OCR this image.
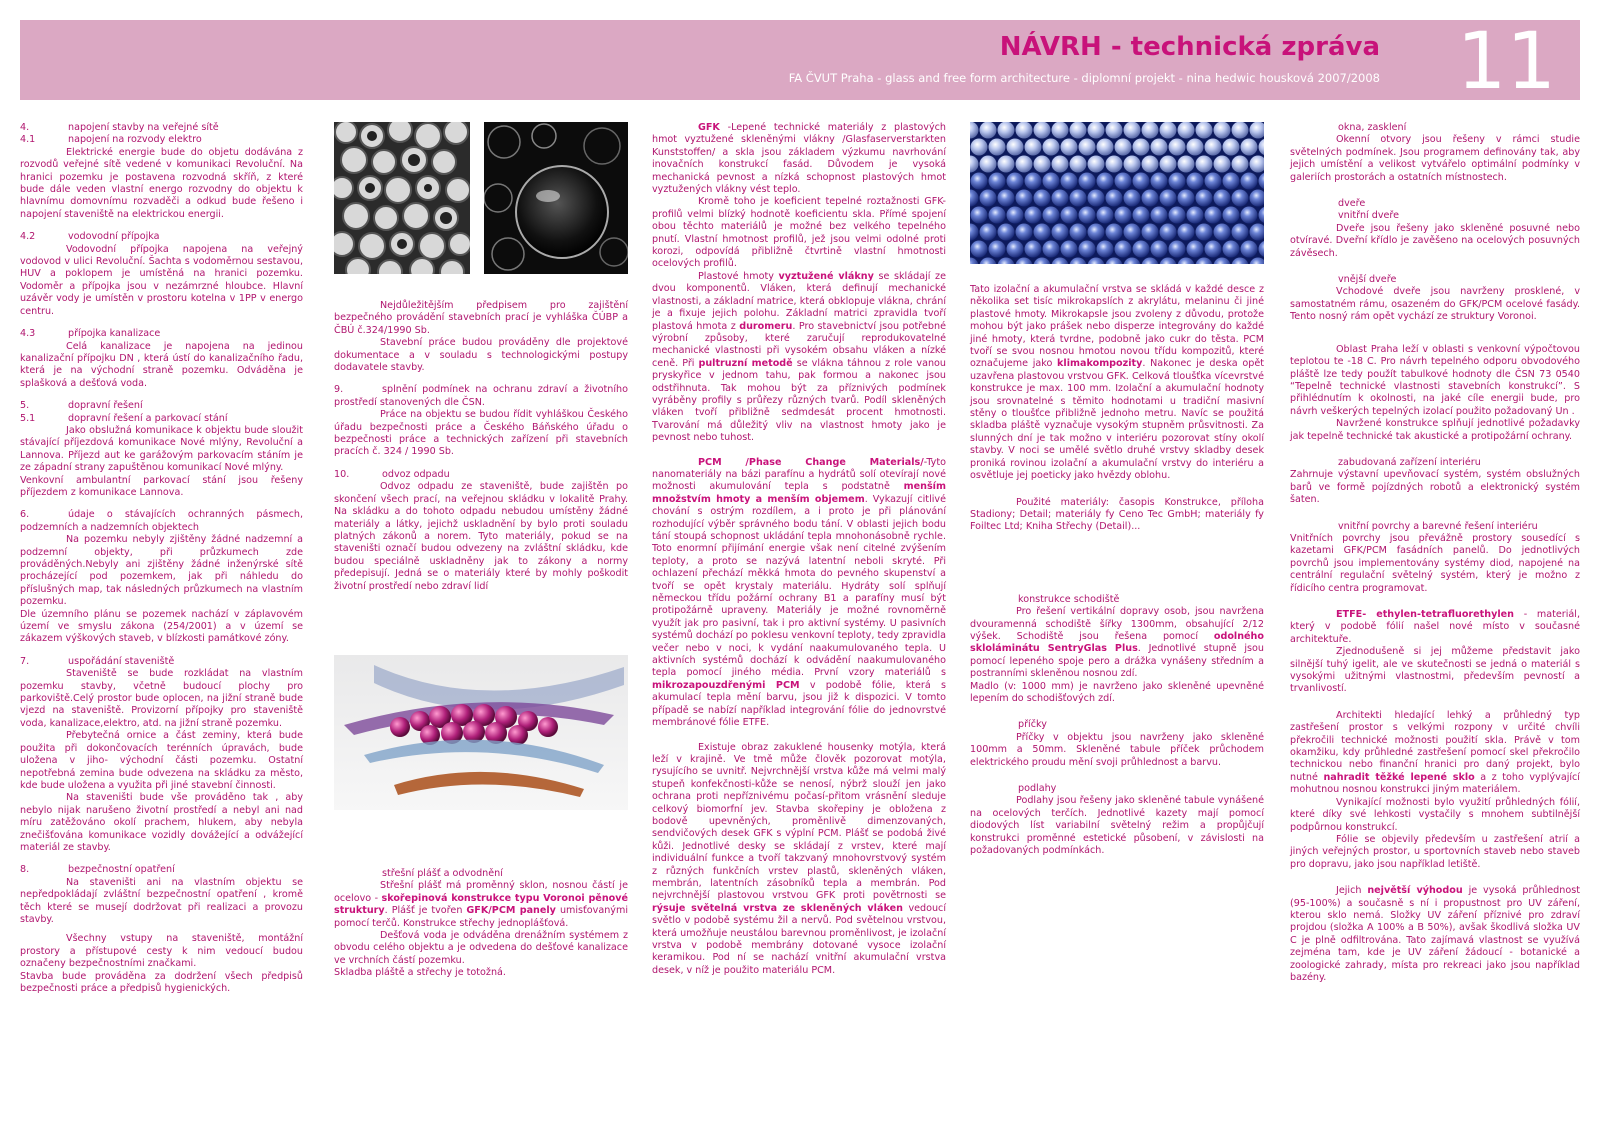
NÁVRH - technická zpráva
FA ČVUT Praha - glass and free form architecture - diplomní projekt - nina hedwic housková 2007/2008 11
4.	napojení stavby na veřejné sítě
4.1	napojení na rozvody elektro

Elektrické energie bude do objetu dodávána z rozvodů veřejné sítě vedené v komunikaci Revoluční. Na hranici pozemku je postavena rozvodná skříň, z které bude dále veden vlastní energo rozvodny do objektu k hlavnímu domovnímu rozvaděči a odkud bude řešeno i napojení staveniště na elektrickou energii.

4.2	vodovodní přípojka

Vodovodní přípojka napojena na veřejný vodovod v ulici Revoluční. Šachta s vodoměrnou sestavou, HUV a poklopem je umístěná na hranici pozemku. Vodoměr a přípojka jsou v nezámrzné hloubce. Hlavní uzávěr vody je umístěn v prostoru kotelna v 1PP v energo centru.

4.3	přípojka kanalizace

Celá kanalizace je napojena na jedinou kanalizační přípojku DN , která ústí do kanalizačního řadu, která je na východní straně pozemku. Odváděna je splašková a dešťová voda.

5.	dopravní řešení
5.1	dopravní řešení a parkovací stání

Jako obslužná komunikace k objektu bude sloužit stávající příjezdová komunikace Nové mlýny, Revoluční a Lannova. Příjezd aut ke garážovým parkovacím stáním je ze západní strany zapuštěnou komunikací Nové mlýny.

Venkovní ambulantní parkovací stání jsou řešeny příjezdem z komunikace Lannova.

6.	údaje o stávajících ochranných pásmech, podzemních a nadzemních objektech

Na pozemku nebyly zjištěny žádné nadzemní a podzemní objekty, při průzkumech zde prováděných.Nebyly ani zjištěny žádné inženýrské sítě procházející pod pozemkem, jak při náhledu do příslušných map, tak následných průzkumech na vlastním pozemku.

Dle územního plánu se pozemek nachází v záplavovém území ve smyslu zákona (254/2001) a v území se zákazem výškových staveb, v blízkosti památkové zóny.

7.	uspořádání staveniště

Staveniště se bude rozkládat na vlastním pozemku stavby, včetně budoucí plochy pro parkoviště.Celý prostor bude oplocen, na jižní straně bude vjezd na staveniště. Provizorní přípojky pro staveniště voda, kanalizace,elektro, atd. na jižní straně pozemku.

Přebytečná ornice a část zeminy, která bude použita při dokončovacích terénních úpravách, bude uložena v jiho- východní části pozemku. Ostatní nepotřebná zemina bude odvezena na skládku za město, kde bude uložena a využita při jiné stavební činnosti.

Na staveništi bude vše prováděno tak , aby nebylo nijak narušeno životní prostředí a nebyl ani nad míru zatěžováno okolí prachem, hlukem, aby nebyla znečišťována komunikace vozidly dovážející a odvážející materiál ze stavby.

8.	bezpečnostní opatření

Na staveništi ani na vlastním objektu se nepředpokládají zvláštní bezpečnostní opatření , kromě těch které se musejí dodržovat při realizaci a provozu stavby.

Všechny vstupy na staveniště, montážní prostory a přístupové cesty k nim vedoucí budou označeny bezpečnostními značkami.

Stavba bude prováděna za dodržení všech předpisů bezpečnosti práce a předpisů hygienických.

Nejdůležitějším předpisem pro zajištění bezpečného provádění stavebních prací je vyhláška ČÚBP a ČBÚ č.324/1990 Sb.

Stavební práce budou prováděny dle projektové dokumentace a v souladu s technologickými postupy dodavatele stavby.

9.	splnění podmínek na ochranu zdraví a životního prostředí stanovených dle ČSN.

Práce na objektu se budou řídit vyhláškou Českého úřadu bezpečnosti práce a Českého Báňského úřadu o bezpečnosti práce a technických zařízení při stavebních pracích č. 324 / 1990 Sb.

10.	odvoz odpadu

Odvoz odpadu ze staveniště, bude zajištěn po skončení všech prací, na veřejnou skládku v lokalitě Prahy. Na skládku a do tohoto odpadu nebudou umístěny žádné materiály a látky, jejichž uskladnění by bylo proti souladu platných zákonů a norem. Tyto materiály, pokud se na staveništi označí budou odvezeny na zvláštní skládku, kde budou speciálně uskladněny jak to zákony a normy předepisují. Jedná se o materiály které by mohly poškodit životní prostředí nebo zdraví lidí

střešní plášť a odvodnění

Střešní plášť má proměnný sklon, nosnou částí je ocelovo - skořepinová konstrukce typu Voronoi pěnové struktury. Plášť je tvořen GFK/PCM panely umisťovanými pomocí terčů. Konstrukce střechy jednoplášťová.

Dešťová voda je odváděna drenážním systémem z obvodu celého objektu a je odvedena do dešťové kanalizace ve vrchních částí pozemku.

Skladba pláště a střechy je totožná.

GFK -Lepené technické materiály z plastových hmot vyztužené skleněnými vlákny /Glasfaserverstarkten Kunststoffen/ a skla jsou základem výzkumu navrhování inovačních konstrukcí fasád. Důvodem je vysoká mechanická pevnost a nízká schopnost plastových hmot vyztužených vlákny vést teplo.

Kromě toho je koeficient tepelné roztažnosti GFK-profilů velmi blízký hodnotě koeficientu skla. Přímé spojení obou těchto materiálů je možné bez velkého tepelného pnutí. Vlastní hmotnost profilů, jež jsou velmi odolné proti korozi, odpovídá přibližně čtvrtině vlastní hmotnosti ocelových profilů.

Plastové hmoty vyztužené vlákny se skládají ze dvou komponentů. Vláken, která definují mechanické vlastnosti, a základní matrice, která obklopuje vlákna, chrání je a fixuje jejich polohu. Základní matrici zpravidla tvoří plastová hmota z duromeru. Pro stavebnictví jsou potřebné výrobní způsoby, které zaručují reprodukovatelné mechanické vlastnosti při vysokém obsahu vláken a nízké ceně. Při pultruzní metodě se vlákna táhnou z role vanou pryskyřice v jednom tahu, pak formou a nakonec jsou odstřihnuta. Tak mohou být za příznivých podmínek vyráběny profily s průřezy různých tvarů. Podíl skleněných vláken tvoří přibližně sedmdesát procent hmotnosti. Tvarování má důležitý vliv na vlastnost hmoty jako je pevnost nebo tuhost.

PCM /Phase Change Materials/-Tyto nanomateriály na bázi parafínu a hydrátů solí otevírají nové možnosti akumulování tepla s podstatně menším množstvím hmoty a menším objemem. Vykazují citlivé chování s ostrým rozdílem, a i proto je při plánování rozhodující výběr správného bodu tání. V oblasti jejich bodu tání stoupá schopnost ukládání tepla mnohonásobně rychle. Toto enormní přijímání energie však není citelné zvýšením teploty, a proto se nazývá latentní neboli skryté. Při ochlazení přechází měkká hmota do pevného skupenství a tvoří se opět krystaly materiálu. Hydráty solí splňují německou třídu požární ochrany B1 a parafíny musí být protipožárně upraveny. Materiály je možné rovnoměrně využít jak pro pasivní, tak i pro aktivní systémy. U pasivních systémů dochází po poklesu venkovní teploty, tedy zpravidla večer nebo v noci, k vydání naakumulovaného tepla. U aktivních systémů dochází k odvádění naakumulovaného tepla pomocí jiného média. První vzory materiálů s mikrozapouzdřenými PCM v podobě fólie, která s akumulací tepla mění barvu, jsou již k dispozici. V tomto případě se nabízí například integrování fólie do jednovrstvé membránové fólie ETFE.

Existuje obraz zakuklené housenky motýla, která leží v krajině. Ve tmě může člověk pozorovat motýla, rysujícího se uvnitř. Nejvrchnější vrstva kůže má velmi malý stupeň konfekčnosti-kůže se nenosí, nýbrž slouží jen jako ochrana proti nepříznivému počasí-přitom vrásnění sleduje celkový biomorfní jev. Stavba skořepiny je obložena z bodově upevněných, proměnlivě dimenzovaných, sendvičových desek GFK s výplní PCM. Plášť se podobá živé kůži. Jednotlivé desky se skládají z vrstev, které mají individuální funkce a tvoří takzvaný mnohovrstvový systém z různých funkčních vrstev plastů, skleněných vláken, membrán, latentních zásobníků tepla a membrán. Pod nejvrchnější plastovou vrstvou GFK proti povětrnosti se rýsuje světelná vrstva ze skleněných vláken vedoucí světlo v podobě systému žil a nervů. Pod světelnou vrstvou, která umožňuje neustálou barevnou proměnlivost, je izolační vrstva v podobě membrány dotované vysoce izolační keramikou. Pod ní se nachází vnitřní akumulační vrstva desek, v níž je použito materiálu PCM.

Tato izolační a akumulační vrstva se skládá v každé desce z několika set tisíc mikrokapslích z akrylátu, melaninu či jiné plastové hmoty. Mikrokapsle jsou zvoleny z důvodu, protože mohou být jako prášek nebo disperze integrovány do každé jiné hmoty, která tvrdne, podobně jako cukr do těsta. PCM tvoří se svou nosnou hmotou novou třídu kompozitů, které označujeme jako klimakompozity. Nakonec je deska opět uzavřena plastovou vrstvou GFK. Celková tloušťka vícevrstvé konstrukce je max. 100 mm. Izolační a akumulační hodnoty jsou srovnatelné s těmito hodnotami u tradiční masivní stěny o tloušťce přibližně jednoho metru. Navíc se použitá skladba pláště vyznačuje vysokým stupněm průsvitnosti. Za slunných dní je tak možno v interiéru pozorovat stíny okolí stavby. V noci se umělé světlo druhé vrstvy skladby desek proniká rovinou izolační a akumulační vrstvy do interiéru a osvětluje jej poeticky jako hvězdy oblohu.

Použité materiály: časopis Konstrukce, příloha Stadiony; Detail; materiály fy Ceno Tec GmbH; materiály fy Foiltec Ltd; Kniha Střechy (Detail)...

konstrukce schodiště

Pro řešení vertikální dopravy osob, jsou navržena dvouramenná schodiště šířky 1300mm, obsahující 2/12 výšek. Schodiště jsou řešena pomocí odolného skloláminátu SentryGlas Plus. Jednotlivé stupně jsou pomocí lepeného spoje pero a drážka vynášeny středním a postranními skleněnou nosnou zdí.

Madlo (v: 1000 mm) je navrženo jako skleněné upevněné lepením do schodišťových zdí.

příčky

Příčky v objektu jsou navrženy jako skleněné 100mm a 50mm. Skleněné tabule příček průchodem elektrického proudu mění svoji průhlednost a barvu.

podlahy

Podlahy jsou řešeny jako skleněné tabule vynášené na ocelových terčích. Jednotlivé kazety mají pomocí diodových líst variabilní světelný režim a propůjčují konstrukci proměnné estetické působení, v závislosti na požadovaných podmínkách.

okna, zasklení

Okenní otvory jsou řešeny v rámci studie světelných podmínek. Jsou programem definovány tak, aby jejich umístění a velikost vytvářelo optimální podmínky v galeriích prostorách a ostatních místnostech.

dveře
vnitřní dveře

Dveře jsou řešeny jako skleněné posuvné nebo otvíravé. Dveřní křídlo je zavěšeno na ocelových posuvných závěsech.

vnější dveře

Vchodové dveře jsou navrženy prosklené, v samostatném rámu, osazeném do GFK/PCM ocelové fasády. Tento nosný rám opět vychází ze struktury Voronoi.

Oblast Praha leží v oblasti s venkovní výpočtovou teplotou te -18 C. Pro návrh tepelného odporu obvodového pláště lze tedy použít tabulkové hodnoty dle ČSN 73 0540 “Tepelně technické vlastnosti stavebních konstrukcí”. S přihlédnutím k okolnosti, na jaké cíle energii bude, pro návrh veškerých tepelných izolací použito požadovaný Un .

Navržené konstrukce splňují jednotlivé požadavky jak tepelně technické tak akustické a protipožární ochrany.

zabudovaná zařízení interiéru

Zahrnuje výstavní upevňovací systém, systém obslužných barů ve formě pojízdných robotů a elektronický systém šaten.

vnitřní povrchy a barevné řešení interiéru

Vnitřních povrchy jsou převážně prostory sousedící s kazetami GFK/PCM fasádních panelů. Do jednotlivých povrchů jsou implementovány systémy diod, napojené na centrální regulační světelný systém, který je možno z řídicího centra programovat.

ETFE- ethylen-tetrafluorethylen - materiál, který v podobě fólií našel nové místo v současné architektuře.

Zjednodušeně si jej můžeme představit jako silnější tuhý igelit, ale ve skutečnosti se jedná o materiál s vysokými užitnými vlastnostmi, především pevností a trvanlivostí.

Architekti hledající lehký a průhledný typ zastřešení prostor s velkými rozpony v určité chvíli překročili technické možnosti použití skla. Právě v tom okamžiku, kdy průhledné zastřešení pomocí skel překročilo technickou nebo finanční hranici pro daný projekt, bylo nutné nahradit těžké lepené sklo a z toho vyplývající mohutnou nosnou konstrukci jiným materiálem.

Vynikající možnosti bylo využití průhledných fólií, které díky své lehkosti vystačily s mnohem subtilnější podpůrnou konstrukcí.

Fólie se objevily především u zastřešení atrií a jiných veřejných prostor, u sportovních staveb nebo staveb pro dopravu, jako jsou například letiště.

Jejich největší výhodou je vysoká průhlednost (95-100%) a současně s ní i propustnost pro UV záření, kterou sklo nemá. Složky UV záření příznivé pro zdraví projdou (složka A 100% a B 50%), avšak škodlivá složka UV C je plně odfiltrována. Tato zajímavá vlastnost se využívá zejména tam, kde je UV záření žádoucí - botanické a zoologické zahrady, místa pro rekreaci jako jsou například bazény.
